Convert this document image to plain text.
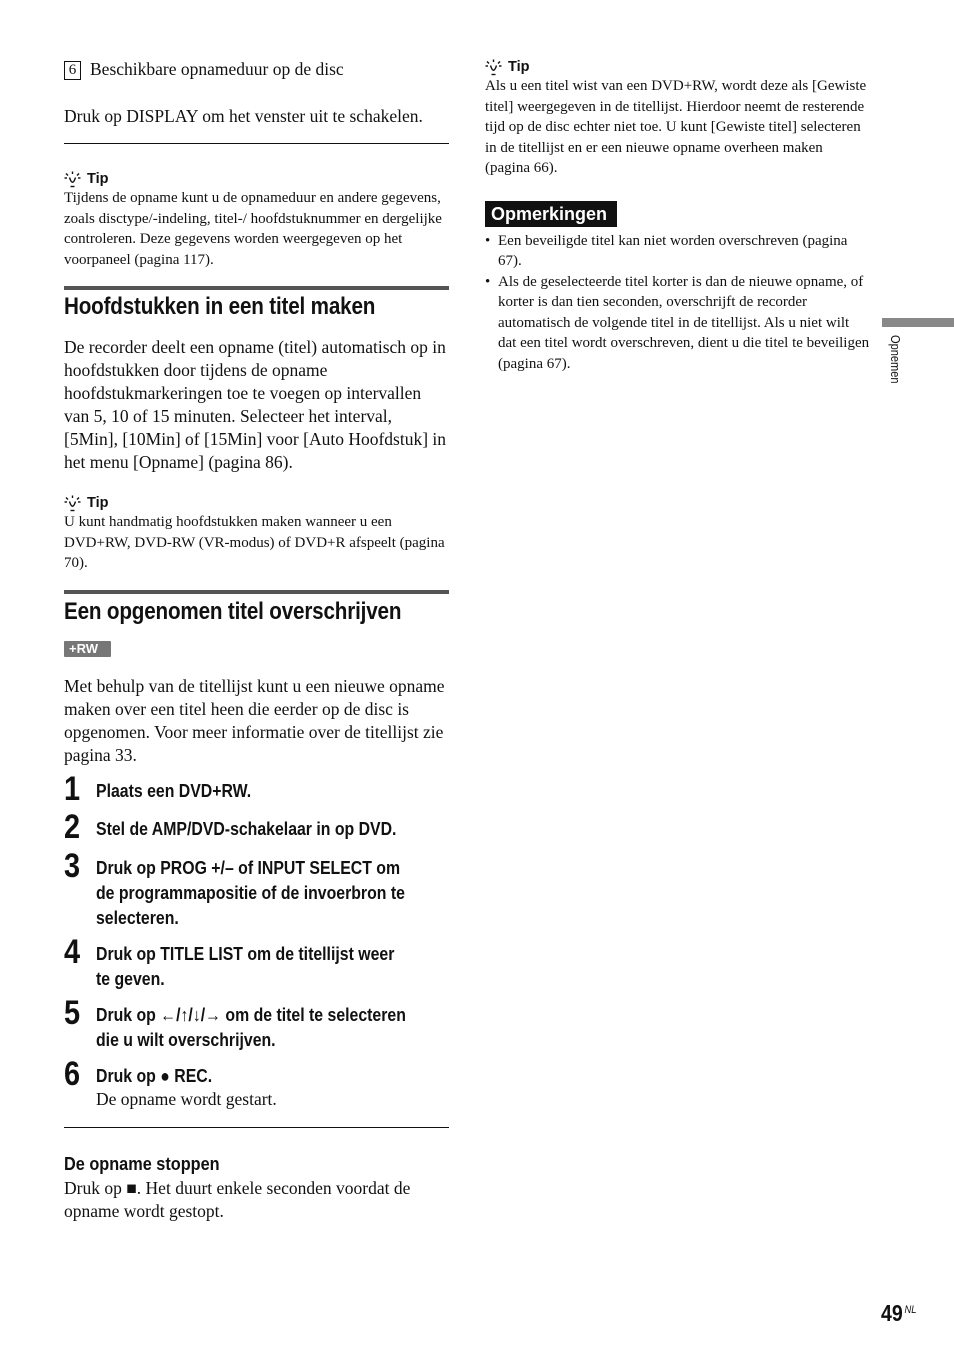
6 Beschikbare opnameduur op de disc
Druk op DISPLAY om het venster uit te schakelen.
Tip
Tijdens de opname kunt u de opnameduur en andere gegevens, zoals disctype/-indeling, titel-/ hoofdstuknummer en dergelijke controleren. Deze gegevens worden weergegeven op het voorpaneel (pagina 117).
Hoofdstukken in een titel maken
De recorder deelt een opname (titel) automatisch op in hoofdstukken door tijdens de opname hoofdstukmarkeringen toe te voegen op intervallen van 5, 10 of 15 minuten. Selecteer het interval, [5Min], [10Min] of [15Min] voor [Auto Hoofdstuk] in het menu [Opname] (pagina 86).
Tip
U kunt handmatig hoofdstukken maken wanneer u een DVD+RW, DVD-RW (VR-modus) of DVD+R afspeelt (pagina 70).
Een opgenomen titel overschrijven
+RW
Met behulp van de titellijst kunt u een nieuwe opname maken over een titel heen die eerder op de disc is opgenomen. Voor meer informatie over de titellijst zie pagina 33.
1 Plaats een DVD+RW.
2 Stel de AMP/DVD-schakelaar in op DVD.
3 Druk op PROG +/– of INPUT SELECT om de programmapositie of de invoerbron te selecteren.
4 Druk op TITLE LIST om de titellijst weer te geven.
5 Druk op ←/↑/↓/→ om de titel te selecteren die u wilt overschrijven.
6 Druk op ● REC.
De opname wordt gestart.
De opname stoppen
Druk op ■. Het duurt enkele seconden voordat de opname wordt gestopt.
Tip
Als u een titel wist van een DVD+RW, wordt deze als [Gewiste titel] weergegeven in de titellijst. Hierdoor neemt de resterende tijd op de disc echter niet toe. U kunt [Gewiste titel] selecteren in de titellijst en er een nieuwe opname overheen maken (pagina 66).
Opmerkingen
• Een beveiligde titel kan niet worden overschreven (pagina 67).
• Als de geselecteerde titel korter is dan de nieuwe opname, of korter is dan tien seconden, overschrijft de recorder automatisch de volgende titel in de titellijst. Als u niet wilt dat een titel wordt overschreven, dient u die titel te beveiligen (pagina 67).	Opnemen
49 $^{NL}$
